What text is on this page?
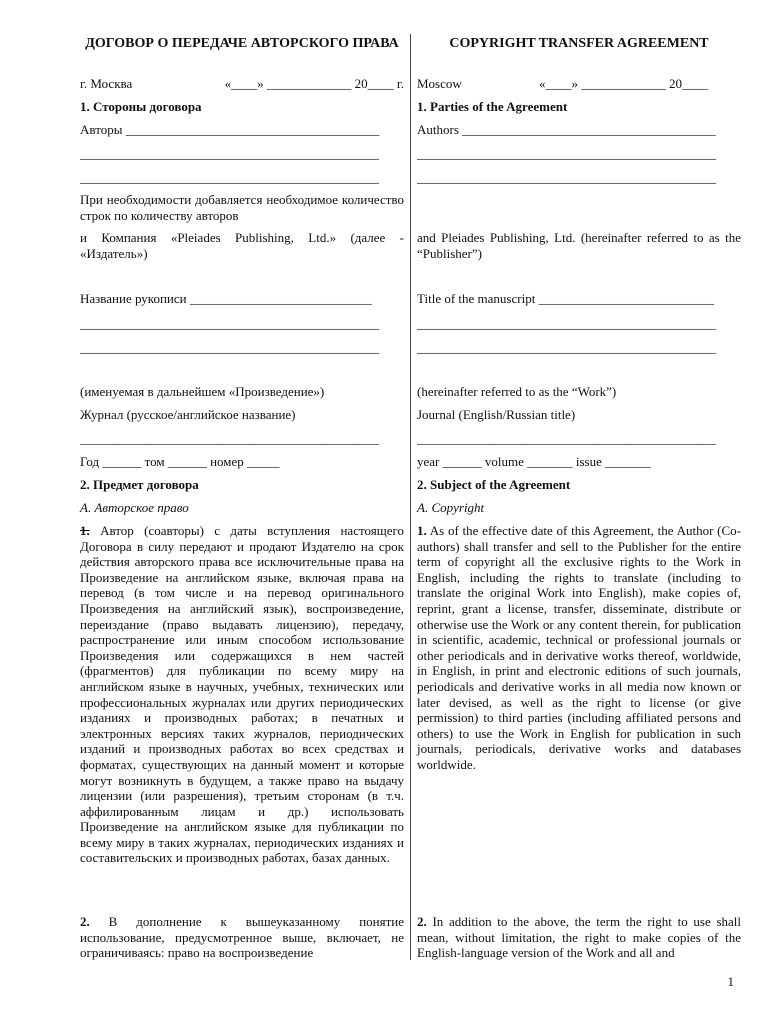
ДОГОВОР О ПЕРЕДАЧЕ АВТОРСКОГО ПРАВА
г. Москва	«____» _____________ 20____ г.
1. Стороны договора
Авторы _______________________________________
______________________________________________
______________________________________________
При необходимости добавляется необходимое количество строк по количеству авторов
и Компания «Pleiades Publishing, Ltd.» (далее - «Издатель»)
Название рукописи ____________________________
______________________________________________
______________________________________________
(именуемая в дальнейшем «Произведение»)
Журнал (русское/английское название)
______________________________________________
Год ______ том ______ номер _____
2. Предмет договора
А. Авторское право
1. Автор (соавторы) с даты вступления настоящего Договора в силу передают и продают Издателю на срок действия авторского права все исключительные права на Произведение на английском языке, включая права на перевод (в том числе и на перевод оригинального Произведения на английский язык), воспроизведение, переиздание (право выдавать лицензию), передачу, распространение или иным способом использование Произведения или содержащихся в нем частей (фрагментов) для публикации по всему миру на английском языке в научных, учебных, технических или профессиональных журналах или других периодических изданиях и производных работах; в печатных и электронных версиях таких журналов, периодических изданий и производных работах во всех средствах и форматах, существующих на данный момент и которые могут возникнуть в будущем, а также право на выдачу лицензии (или разрешения), третьим сторонам (в т.ч. аффилированным лицам и др.) использовать Произведение на английском языке для публикации по всему миру в таких журналах, периодических изданиях и составительских и производных работах, базах данных.
2. В дополнение к вышеуказанному понятие использование, предусмотренное выше, включает, не ограничиваясь: право на воспроизведение
COPYRIGHT TRANSFER AGREEMENT
Moscow	«____» _____________ 20____
1. Parties of the Agreement
Authors _______________________________________
______________________________________________
______________________________________________
and Pleiades Publishing, Ltd. (hereinafter referred to as the “Publisher”)
Title of the manuscript ___________________________
______________________________________________
______________________________________________
(hereinafter referred to as the “Work”)
Journal (English/Russian title)
______________________________________________
year ______ volume _______ issue _______
2. Subject of the Agreement
A. Copyright
1. As of the effective date of this Agreement, the Author (Co-authors) shall transfer and sell to the Publisher for the entire term of copyright all the exclusive rights to the Work in English, including the rights to translate (including to translate the original Work into English), make copies of, reprint, grant a license, transfer, disseminate, distribute or otherwise use the Work or any content therein, for publication in scientific, academic, technical or professional journals or other periodicals and in derivative works thereof, worldwide, in English, in print and electronic editions of such journals, periodicals and derivative works in all media now known or later devised, as well as the right to license (or give permission) to third parties (including affiliated persons and others) to use the Work in English for publication in such journals, periodicals, derivative works and databases worldwide.
2. In addition to the above, the term the right to use shall mean, without limitation, the right to make copies of the English-language version of the Work and all and
1
